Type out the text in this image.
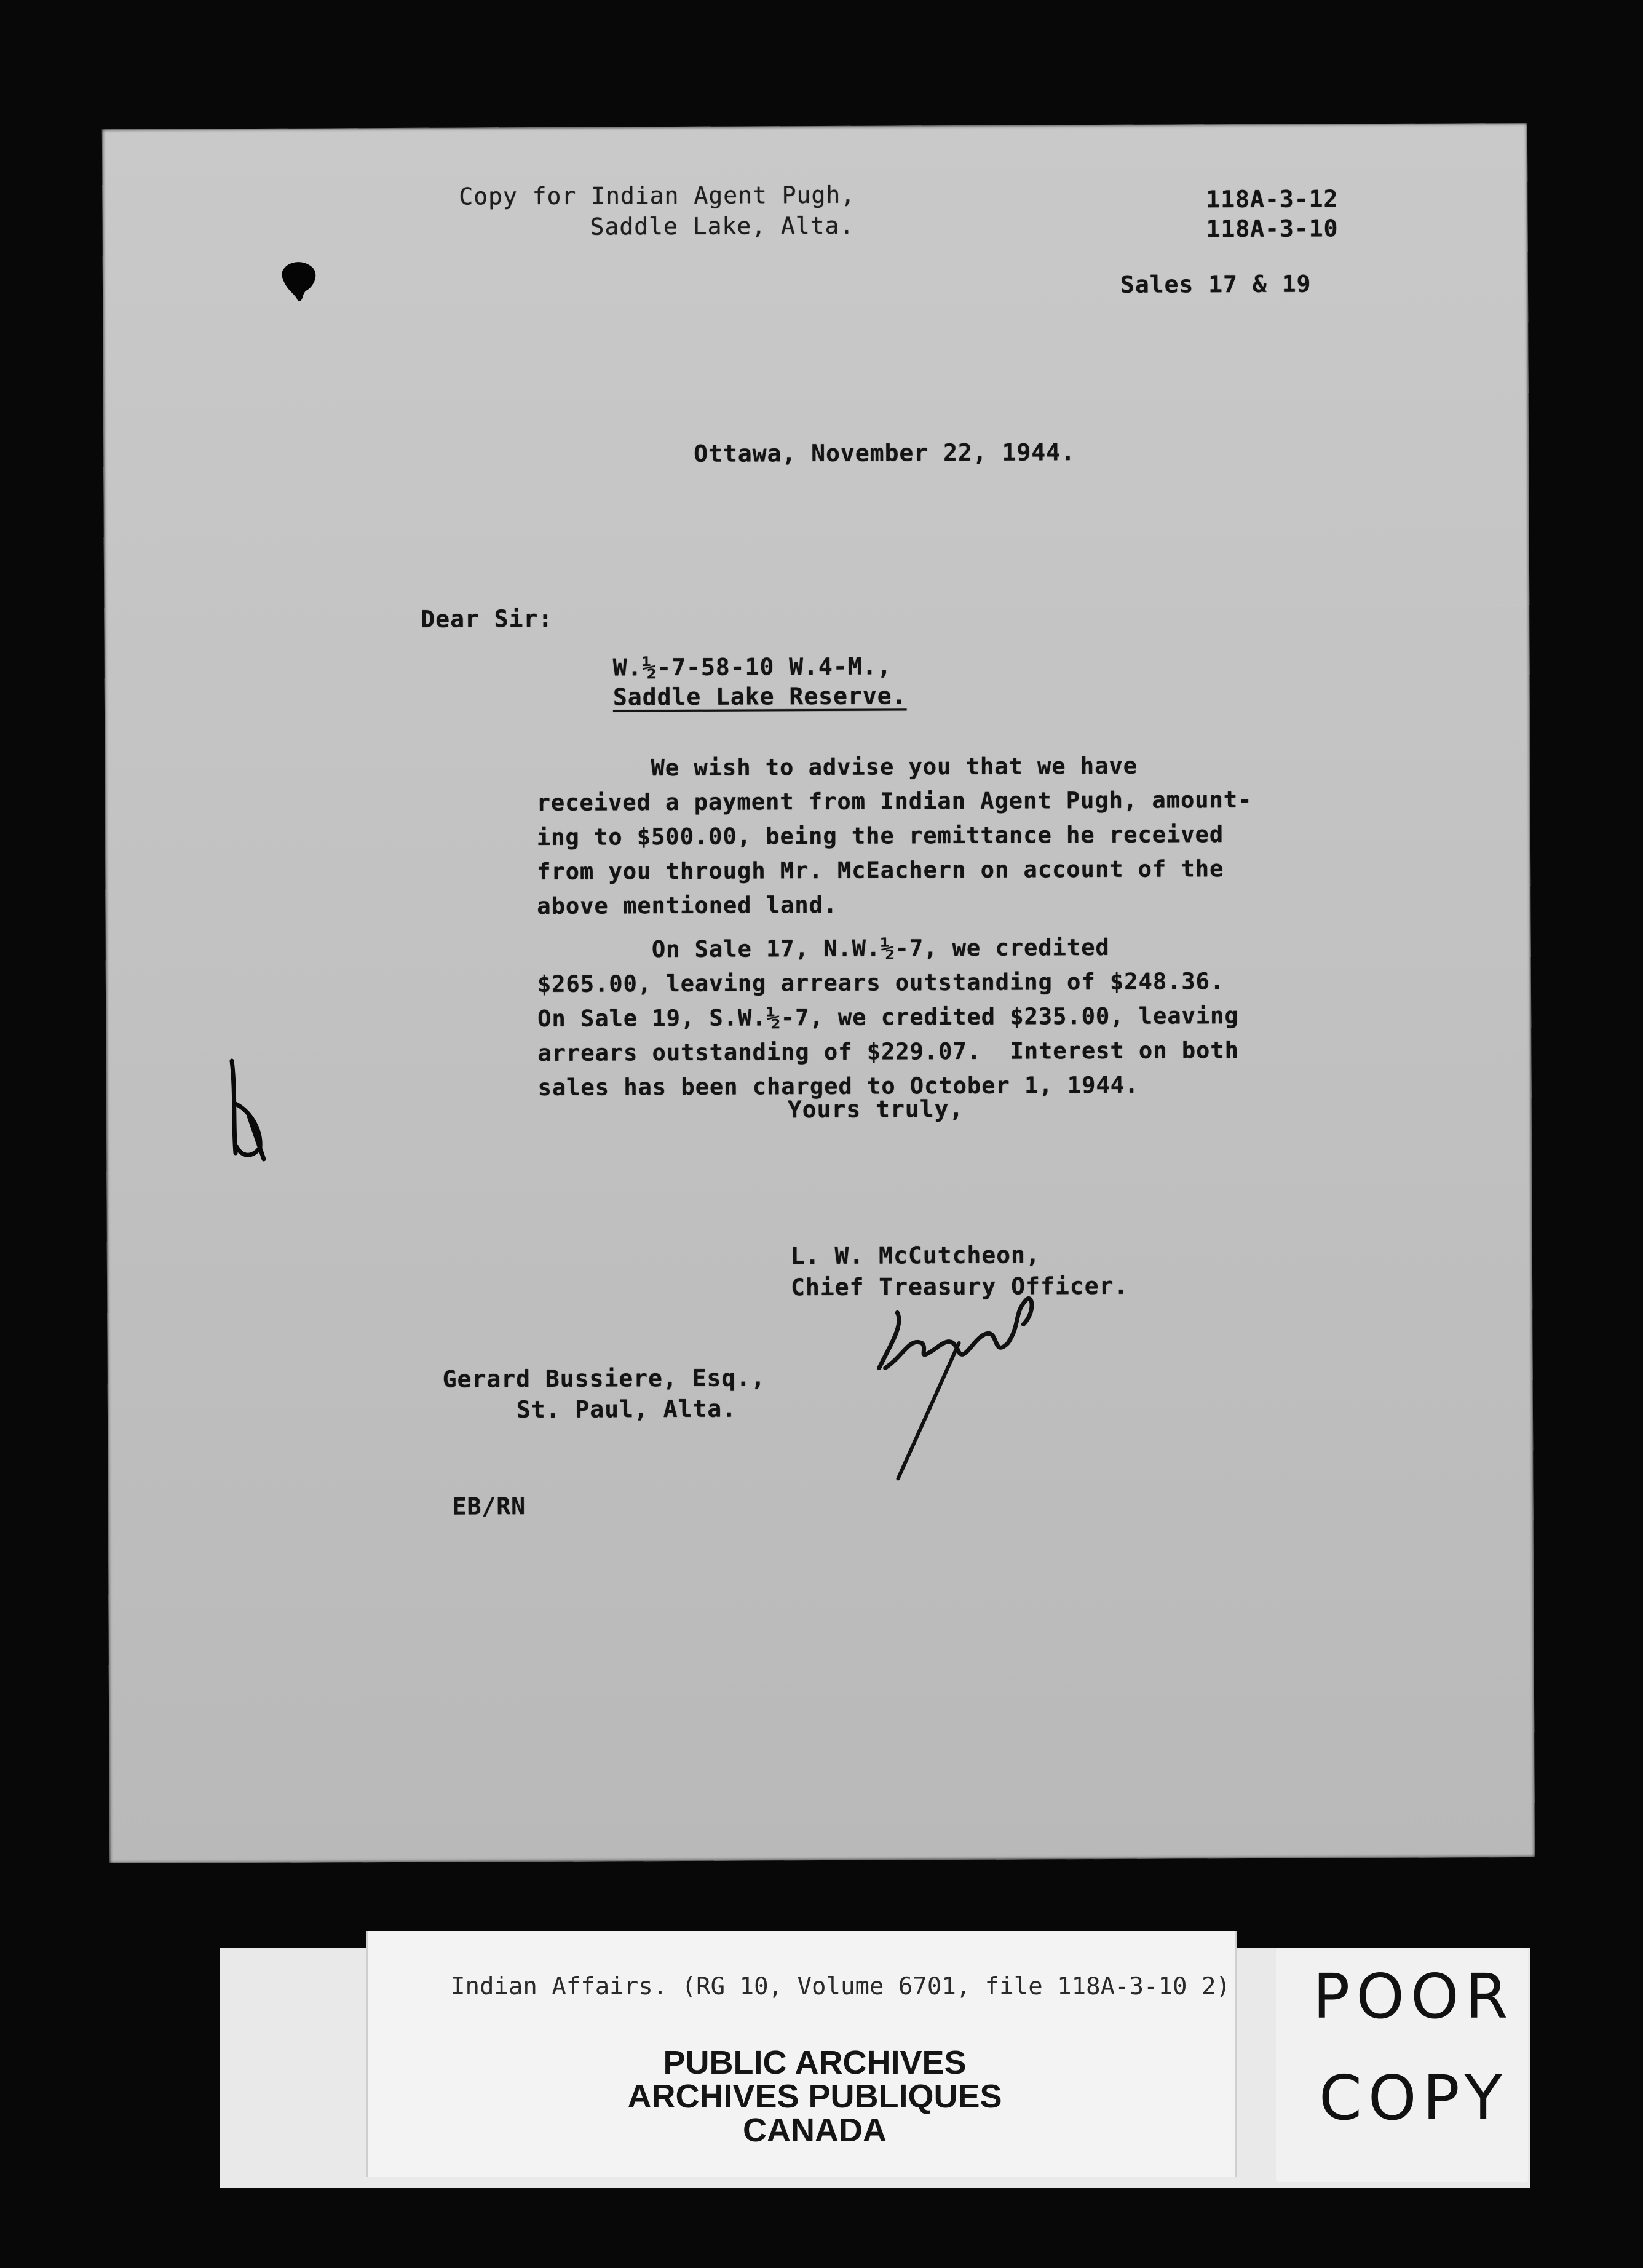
Copy for Indian Agent Pugh,
Saddle Lake, Alta.
118A-3-12
118A-3-10
Sales 17 & 19
Ottawa, November 22, 1944.
Dear Sir:
W.½-7-58-10 W.4-M.,
Saddle Lake Reserve.

We wish to advise you that we have

received a payment from Indian Agent Pugh, amount-

ing to $500.00, being the remittance he received

from you through Mr. McEachern on account of the

above mentioned land.

On Sale 17, N.W.½-7, we credited

$265.00, leaving arrears outstanding of $248.36.

On Sale 19, S.W.½-7, we credited $235.00, leaving

arrears outstanding of $229.07.  Interest on both

sales has been charged to October 1, 1944.

Yours truly,
L. W. McCutcheon,
Chief Treasury Officer.
Gerard Bussiere, Esq.,
St. Paul, Alta.
EB/RN
Indian Affairs. (RG 10, Volume 6701, file 118A-3-10 2)
PUBLIC ARCHIVES
ARCHIVES PUBLIQUES
CANADA
POOR
COPY
